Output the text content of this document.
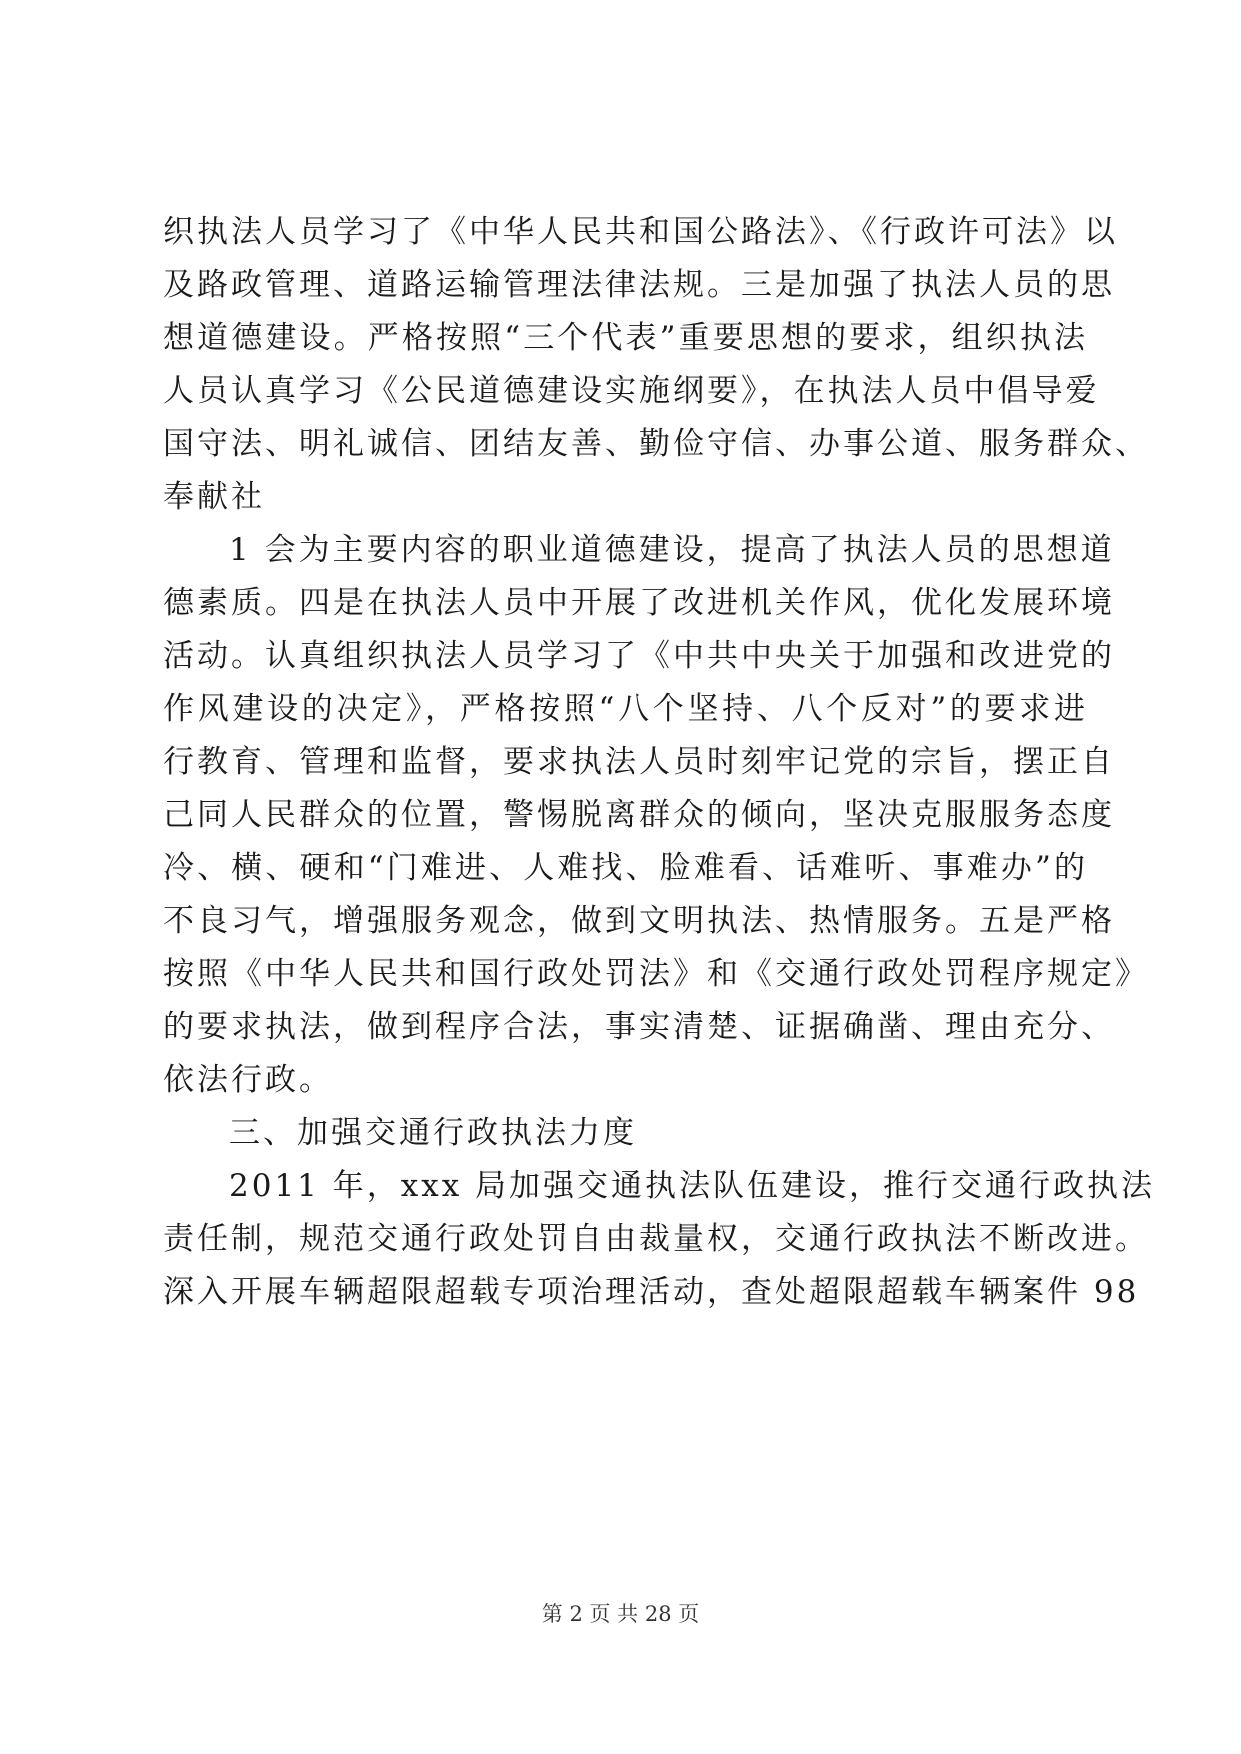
织执法人员学习了《中华人民共和国公路法》、《行政许可法》以
及路政管理、道路运输管理法律法规。三是加强了执法人员的思
想道德建设。严格按照“三个代表”重要思想的要求，组织执法
人员认真学习《公民道德建设实施纲要》，在执法人员中倡导爱
国守法、明礼诚信、团结友善、勤俭守信、办事公道、服务群众、
奉献社
1 会为主要内容的职业道德建设，提高了执法人员的思想道
德素质。四是在执法人员中开展了改进机关作风，优化发展环境
活动。认真组织执法人员学习了《中共中央关于加强和改进党的
作风建设的决定》，严格按照“八个坚持、八个反对”的要求进
行教育、管理和监督，要求执法人员时刻牢记党的宗旨，摆正自
己同人民群众的位置，警惕脱离群众的倾向，坚决克服服务态度
冷、横、硬和“门难进、人难找、脸难看、话难听、事难办”的
不良习气，增强服务观念，做到文明执法、热情服务。五是严格
按照《中华人民共和国行政处罚法》和《交通行政处罚程序规定》
的要求执法，做到程序合法，事实清楚、证据确凿、理由充分、
依法行政。
三、加强交通行政执法力度
2011 年，xxx 局加强交通执法队伍建设，推行交通行政执法
责任制，规范交通行政处罚自由裁量权，交通行政执法不断改进。
深入开展车辆超限超载专项治理活动，查处超限超载车辆案件 98
第 2 页 共 28 页
